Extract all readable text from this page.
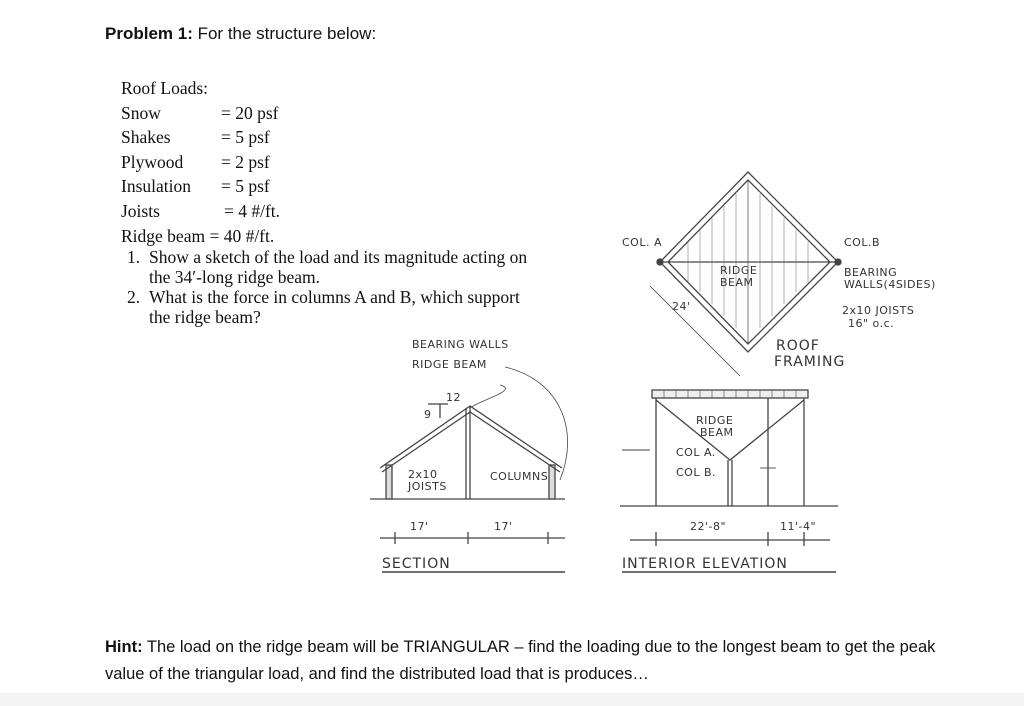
Problem 1: For the structure below:
Roof Loads:
Snow	= 20 psf
Shakes	= 5 psf
Plywood = 2 psf
Insulation = 5 psf
Joists	= 4 #/ft.
Ridge beam = 40 #/ft.
1. Show a sketch of the load and its magnitude acting on the 34′-long ridge beam.
2. What is the force in columns A and B, which support the ridge beam?
BEARING WALLS
RIDGE BEAM
9
12
2x10
JOISTS
COLUMNS
17'	17'
SECTION
COL. A	COL.B
RIDGE
BEAM
24'
BEARING
WALLS(4SIDES)
2x10 JOISTS
16" o.c.
ROOF
FRAMING
RIDGE
BEAM
COL A.
COL B.
22'-8"	11'-4"
INTERIOR ELEVATION
Hint: The load on the ridge beam will be TRIANGULAR – find the loading due to the longest beam to get the peak value of the triangular load, and find the distributed load that is produces…
